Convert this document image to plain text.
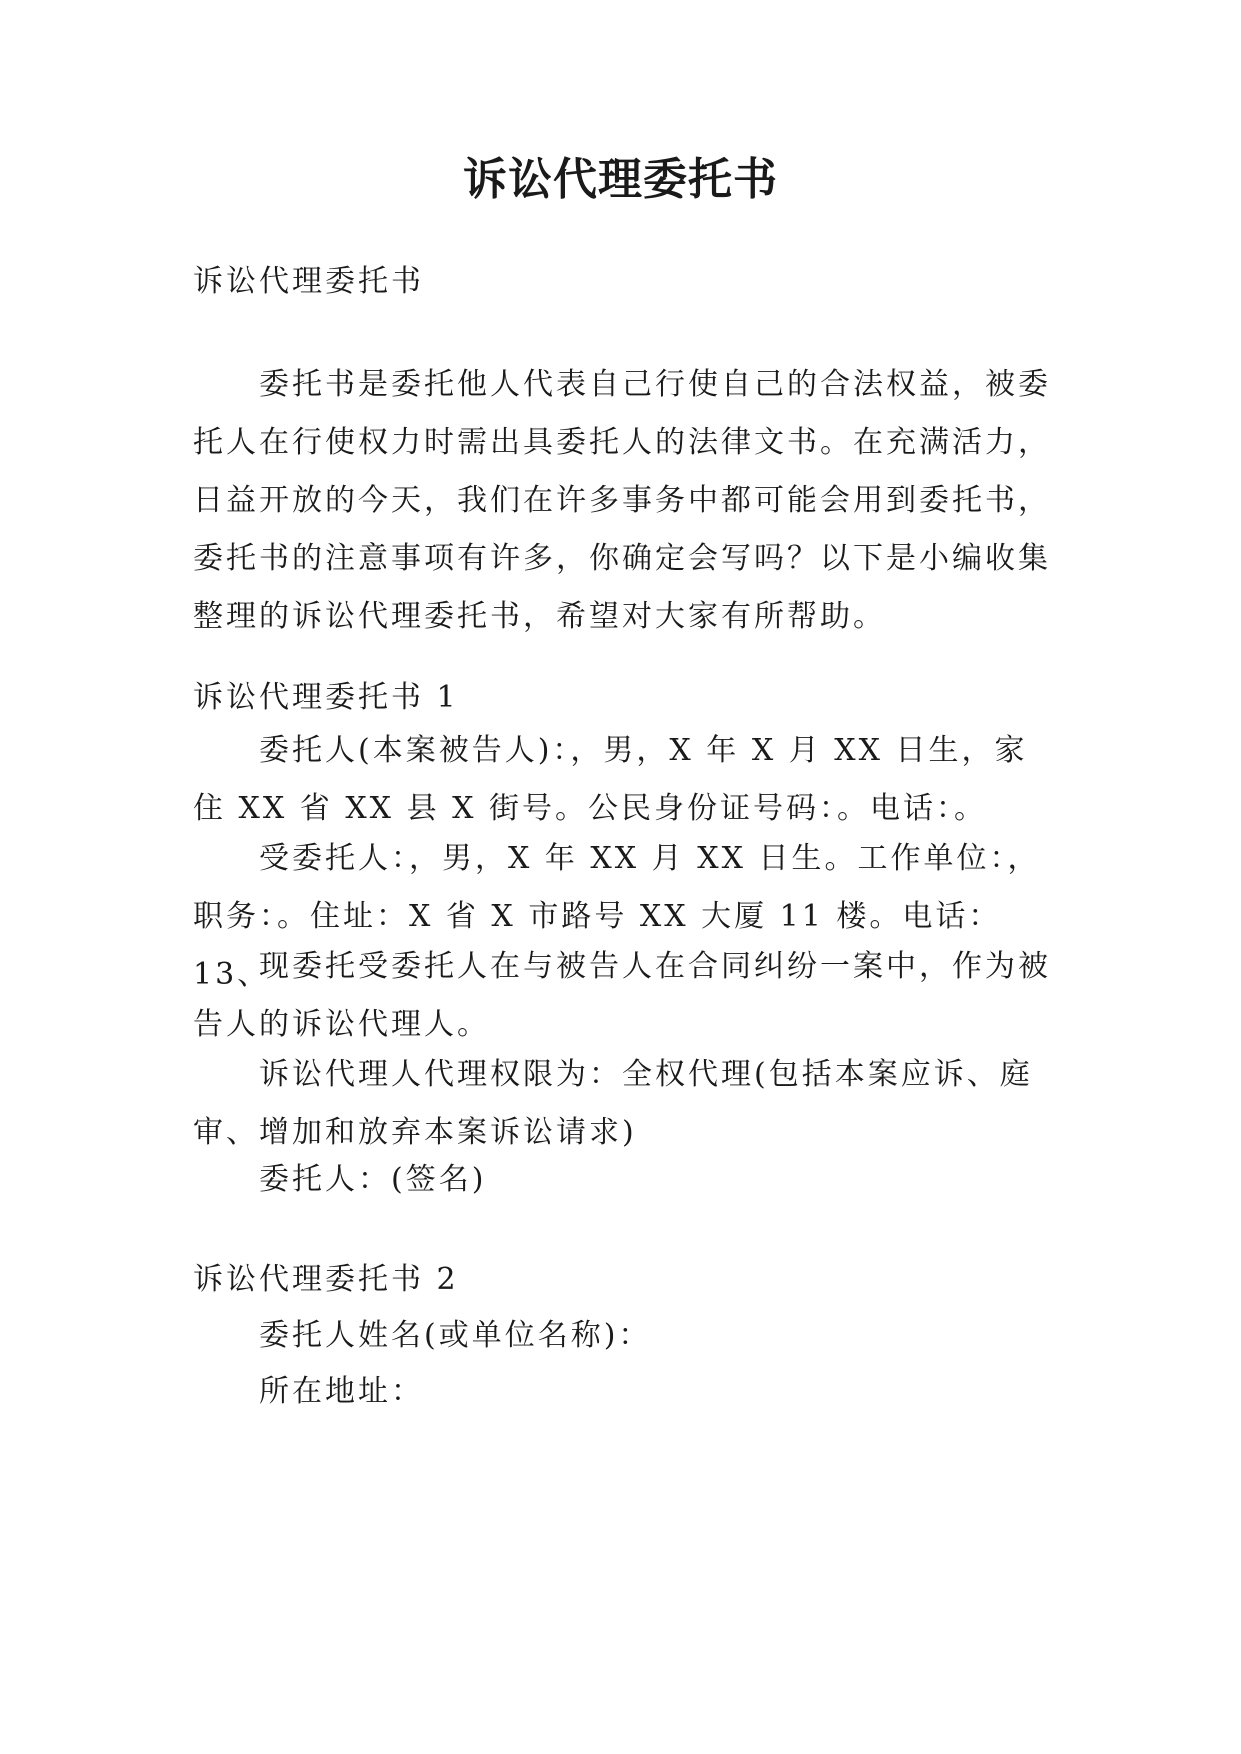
诉讼代理委托书

诉讼代理委托书

委托书是委托他人代表自己行使自己的合法权益，被委托人在行使权力时需出具委托人的法律文书。在充满活力，日益开放的今天，我们在许多事务中都可能会用到委托书，委托书的注意事项有许多，你确定会写吗？以下是小编收集整理的诉讼代理委托书，希望对大家有所帮助。

诉讼代理委托书 1

委托人(本案被告人)：，男，X 年 X 月 XX 日生，家住 XX 省 XX 县 X 街号。公民身份证号码：。电话：。

受委托人：，男，X 年 XX 月 XX 日生。工作单位：，职务：。住址：X 省 X 市路号 XX 大厦 11 楼。电话：13、

现委托受委托人在与被告人在合同纠纷一案中，作为被告人的诉讼代理人。

诉讼代理人代理权限为：全权代理(包括本案应诉、庭审、增加和放弃本案诉讼请求)

委托人：(签名)

诉讼代理委托书 2

委托人姓名(或单位名称)：

所在地址：
